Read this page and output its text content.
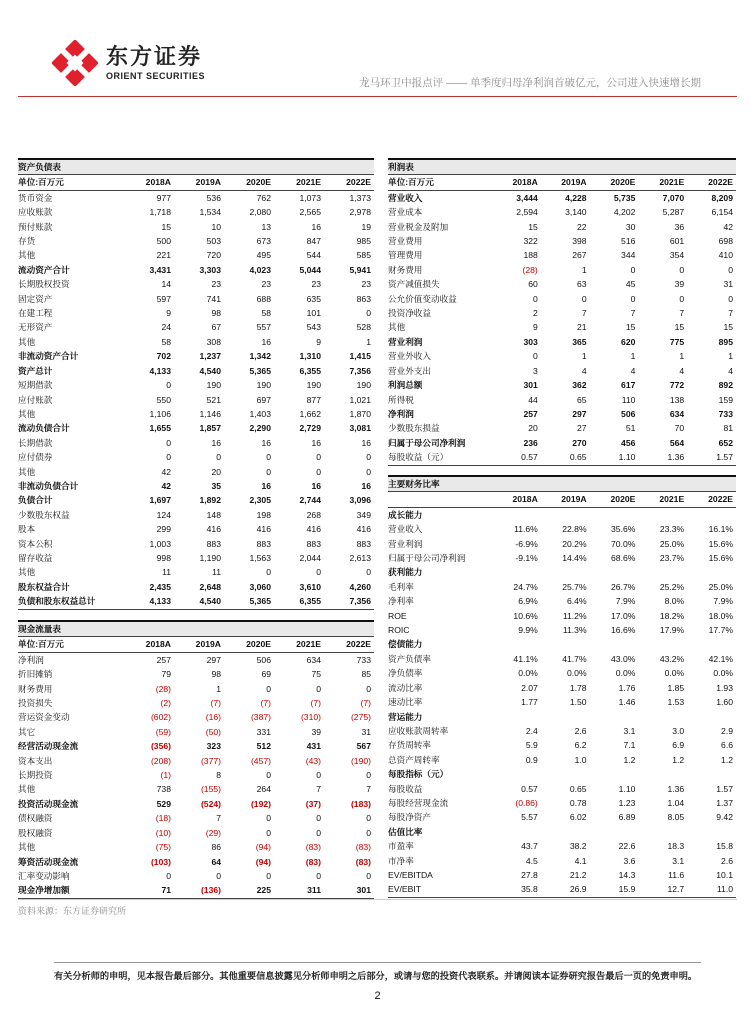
东方证券
ORIENT SECURITIES
龙马环卫中报点评 —— 单季度归母净利润首破亿元，公司进入快速增长期
资产负债表					
单位:百万元	2018A	2019A	2020E	2021E	2022E
货币资金	977	536	762	1,073	1,373
应收账款	1,718	1,534	2,080	2,565	2,978
预付账款	15	10	13	16	19
存货	500	503	673	847	985
其他	221	720	495	544	585
流动资产合计	3,431	3,303	4,023	5,044	5,941
长期股权投资	14	23	23	23	23
固定资产	597	741	688	635	863
在建工程	9	98	58	101	0
无形资产	24	67	557	543	528
其他	58	308	16	9	1
非流动资产合计	702	1,237	1,342	1,310	1,415
资产总计	4,133	4,540	5,365	6,355	7,356
短期借款	0	190	190	190	190
应付账款	550	521	697	877	1,021
其他	1,106	1,146	1,403	1,662	1,870
流动负债合计	1,655	1,857	2,290	2,729	3,081
长期借款	0	16	16	16	16
应付债券	0	0	0	0	0
其他	42	20	0	0	0
非流动负债合计	42	35	16	16	16
负债合计	1,697	1,892	2,305	2,744	3,096
少数股东权益	124	148	198	268	349
股本	299	416	416	416	416
资本公积	1,003	883	883	883	883
留存收益	998	1,190	1,563	2,044	2,613
其他	11	11	0	0	0
股东权益合计	2,435	2,648	3,060	3,610	4,260
负债和股东权益总计	4,133	4,540	5,365	6,355	7,356
现金流量表					
单位:百万元	2018A	2019A	2020E	2021E	2022E
净利润	257	297	506	634	733
折旧摊销	79	98	69	75	85
财务费用	(28)	1	0	0	0
投资损失	(2)	(7)	(7)	(7)	(7)
营运资金变动	(602)	(16)	(387)	(310)	(275)
其它	(59)	(50)	331	39	31
经营活动现金流	(356)	323	512	431	567
资本支出	(208)	(377)	(457)	(43)	(190)
长期投资	(1)	8	0	0	0
其他	738	(155)	264	7	7
投资活动现金流	529	(524)	(192)	(37)	(183)
债权融资	(18)	7	0	0	0
股权融资	(10)	(29)	0	0	0
其他	(75)	86	(94)	(83)	(83)
筹资活动现金流	(103)	64	(94)	(83)	(83)
汇率变动影响	0	0	0	0	0
现金净增加额	71	(136)	225	311	301
利润表					
单位:百万元	2018A	2019A	2020E	2021E	2022E
营业收入	3,444	4,228	5,735	7,070	8,209
营业成本	2,594	3,140	4,202	5,287	6,154
营业税金及附加	15	22	30	36	42
营业费用	322	398	516	601	698
管理费用	188	267	344	354	410
财务费用	(28)	1	0	0	0
资产减值损失	60	63	45	39	31
公允价值变动收益	0	0	0	0	0
投资净收益	2	7	7	7	7
其他	9	21	15	15	15
营业利润	303	365	620	775	895
营业外收入	0	1	1	1	1
营业外支出	3	4	4	4	4
利润总额	301	362	617	772	892
所得税	44	65	110	138	159
净利润	257	297	506	634	733
少数股东损益	20	27	51	70	81
归属于母公司净利润	236	270	456	564	652
每股收益（元）	0.57	0.65	1.10	1.36	1.57
主要财务比率					
	2018A	2019A	2020E	2021E	2022E
成长能力					
营业收入	11.6%	22.8%	35.6%	23.3%	16.1%
营业利润	-6.9%	20.2%	70.0%	25.0%	15.6%
归属于母公司净利润	-9.1%	14.4%	68.6%	23.7%	15.6%
获利能力					
毛利率	24.7%	25.7%	26.7%	25.2%	25.0%
净利率	6.9%	6.4%	7.9%	8.0%	7.9%
ROE	10.6%	11.2%	17.0%	18.2%	18.0%
ROIC	9.9%	11.3%	16.6%	17.9%	17.7%
偿债能力					
资产负债率	41.1%	41.7%	43.0%	43.2%	42.1%
净负债率	0.0%	0.0%	0.0%	0.0%	0.0%
流动比率	2.07	1.78	1.76	1.85	1.93
速动比率	1.77	1.50	1.46	1.53	1.60
营运能力					
应收账款周转率	2.4	2.6	3.1	3.0	2.9
存货周转率	5.9	6.2	7.1	6.9	6.6
总资产周转率	0.9	1.0	1.2	1.2	1.2
每股指标（元）					
每股收益	0.57	0.65	1.10	1.36	1.57
每股经营现金流	(0.86)	0.78	1.23	1.04	1.37
每股净资产	5.57	6.02	6.89	8.05	9.42
估值比率					
市盈率	43.7	38.2	22.6	18.3	15.8
市净率	4.5	4.1	3.6	3.1	2.6
EV/EBITDA	27.8	21.2	14.3	11.6	10.1
EV/EBIT	35.8	26.9	15.9	12.7	11.0
资料来源：东方证券研究所
有关分析师的申明，见本报告最后部分。其他重要信息披露见分析师申明之后部分，或请与您的投资代表联系。并请阅读本证券研究报告最后一页的免责申明。
2
